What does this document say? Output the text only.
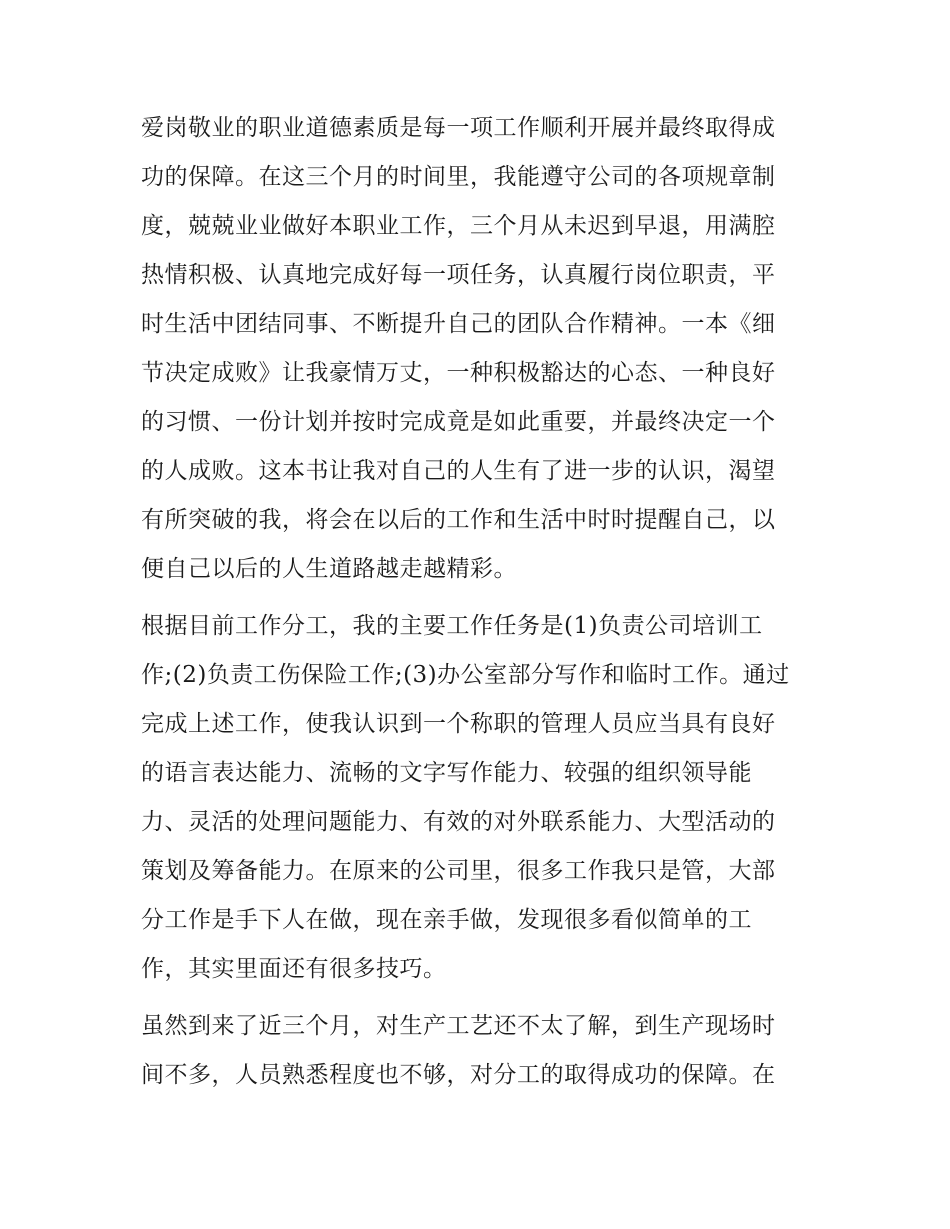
爱岗敬业的职业道德素质是每一项工作顺利开展并最终取得成
功的保障。在这三个月的时间里，我能遵守公司的各项规章制
度，兢兢业业做好本职业工作，三个月从未迟到早退，用满腔
热情积极、认真地完成好每一项任务，认真履行岗位职责，平
时生活中团结同事、不断提升自己的团队合作精神。一本《细
节决定成败》让我豪情万丈，一种积极豁达的心态、一种良好
的习惯、一份计划并按时完成竟是如此重要，并最终决定一个
的人成败。这本书让我对自己的人生有了进一步的认识，渴望
有所突破的我，将会在以后的工作和生活中时时提醒自己，以
便自己以后的人生道路越走越精彩。
根据目前工作分工，我的主要工作任务是(1)负责公司培训工
作;(2)负责工伤保险工作;(3)办公室部分写作和临时工作。通过
完成上述工作，使我认识到一个称职的管理人员应当具有良好
的语言表达能力、流畅的文字写作能力、较强的组织领导能
力、灵活的处理问题能力、有效的对外联系能力、大型活动的
策划及筹备能力。在原来的公司里，很多工作我只是管，大部
分工作是手下人在做，现在亲手做，发现很多看似简单的工
作，其实里面还有很多技巧。
虽然到来了近三个月，对生产工艺还不太了解，到生产现场时
间不多，人员熟悉程度也不够，对分工的取得成功的保障。在
